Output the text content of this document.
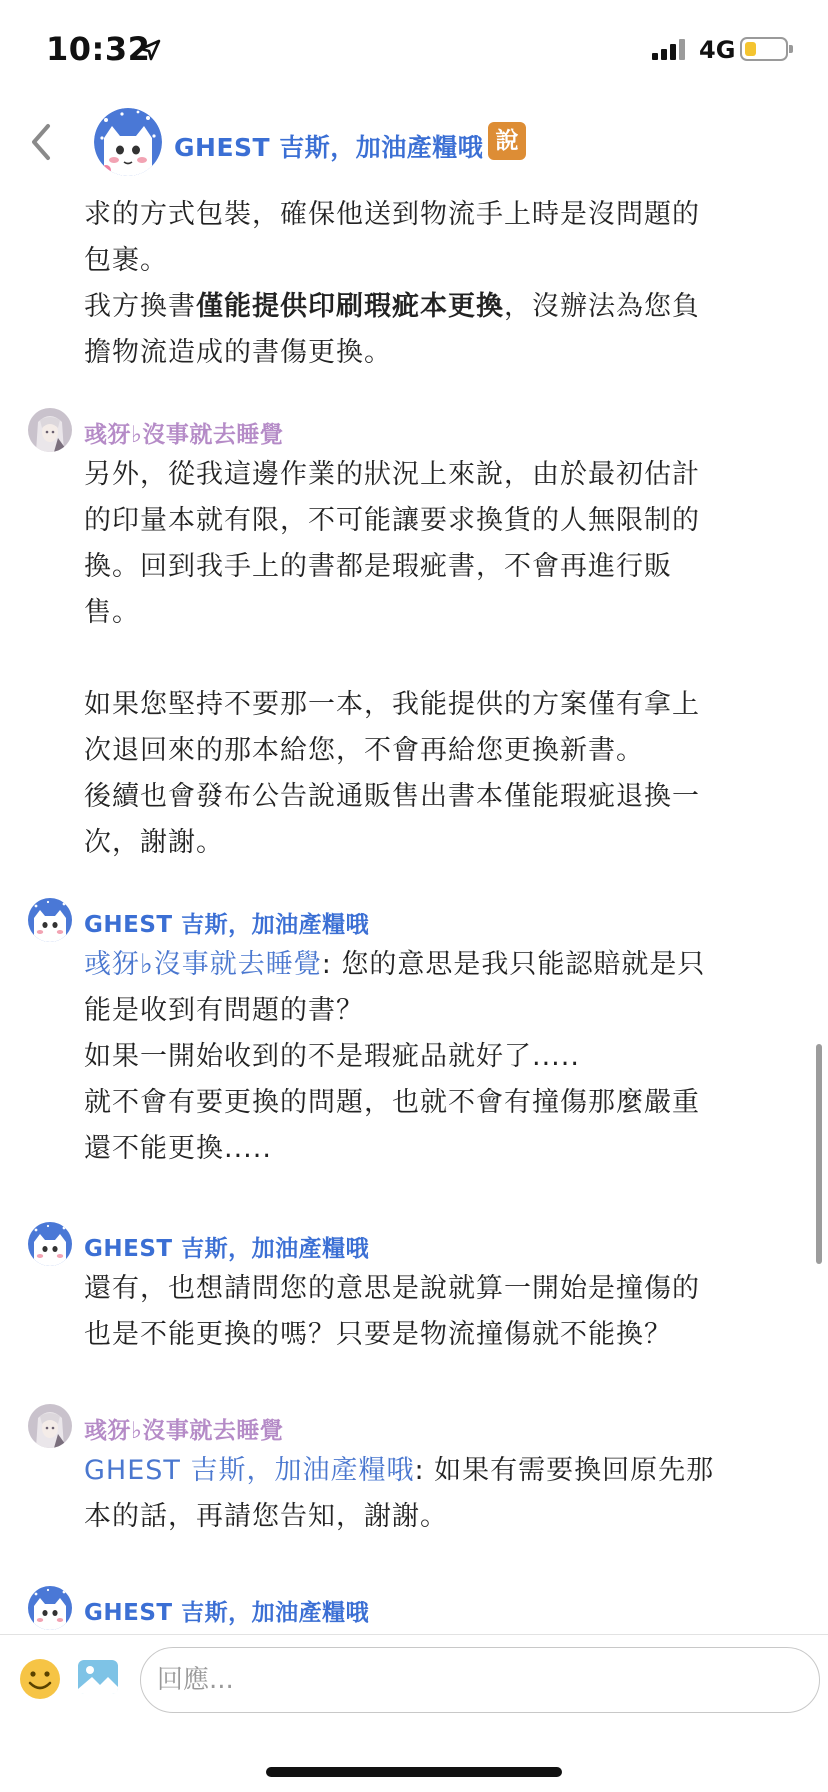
10:32	4G
GHEST 吉斯，加油產糧哦 說
求的方式包裝，確保他送到物流手上時是沒問題的
包裹。
我方換書僅能提供印刷瑕疵本更換，沒辦法為您負
擔物流造成的書傷更換。
彧犽♭沒事就去睡覺
另外，從我這邊作業的狀況上來說，由於最初估計
的印量本就有限，不可能讓要求換貨的人無限制的
換。回到我手上的書都是瑕疵書，不會再進行販
售。

如果您堅持不要那一本，我能提供的方案僅有拿上
次退回來的那本給您，不會再給您更換新書。
後續也會發布公告說通販售出書本僅能瑕疵退換一
次，謝謝。
GHEST 吉斯，加油產糧哦
彧犽♭沒事就去睡覺: 您的意思是我只能認賠就是只
能是收到有問題的書？
如果一開始收到的不是瑕疵品就好了.....
就不會有要更換的問題，也就不會有撞傷那麼嚴重
還不能更換.....
GHEST 吉斯，加油產糧哦
還有，也想請問您的意思是說就算一開始是撞傷的
也是不能更換的嗎？只要是物流撞傷就不能換？
彧犽♭沒事就去睡覺
GHEST 吉斯，加油產糧哦: 如果有需要換回原先那
本的話，再請您告知，謝謝。
GHEST 吉斯，加油產糧哦
回應...
